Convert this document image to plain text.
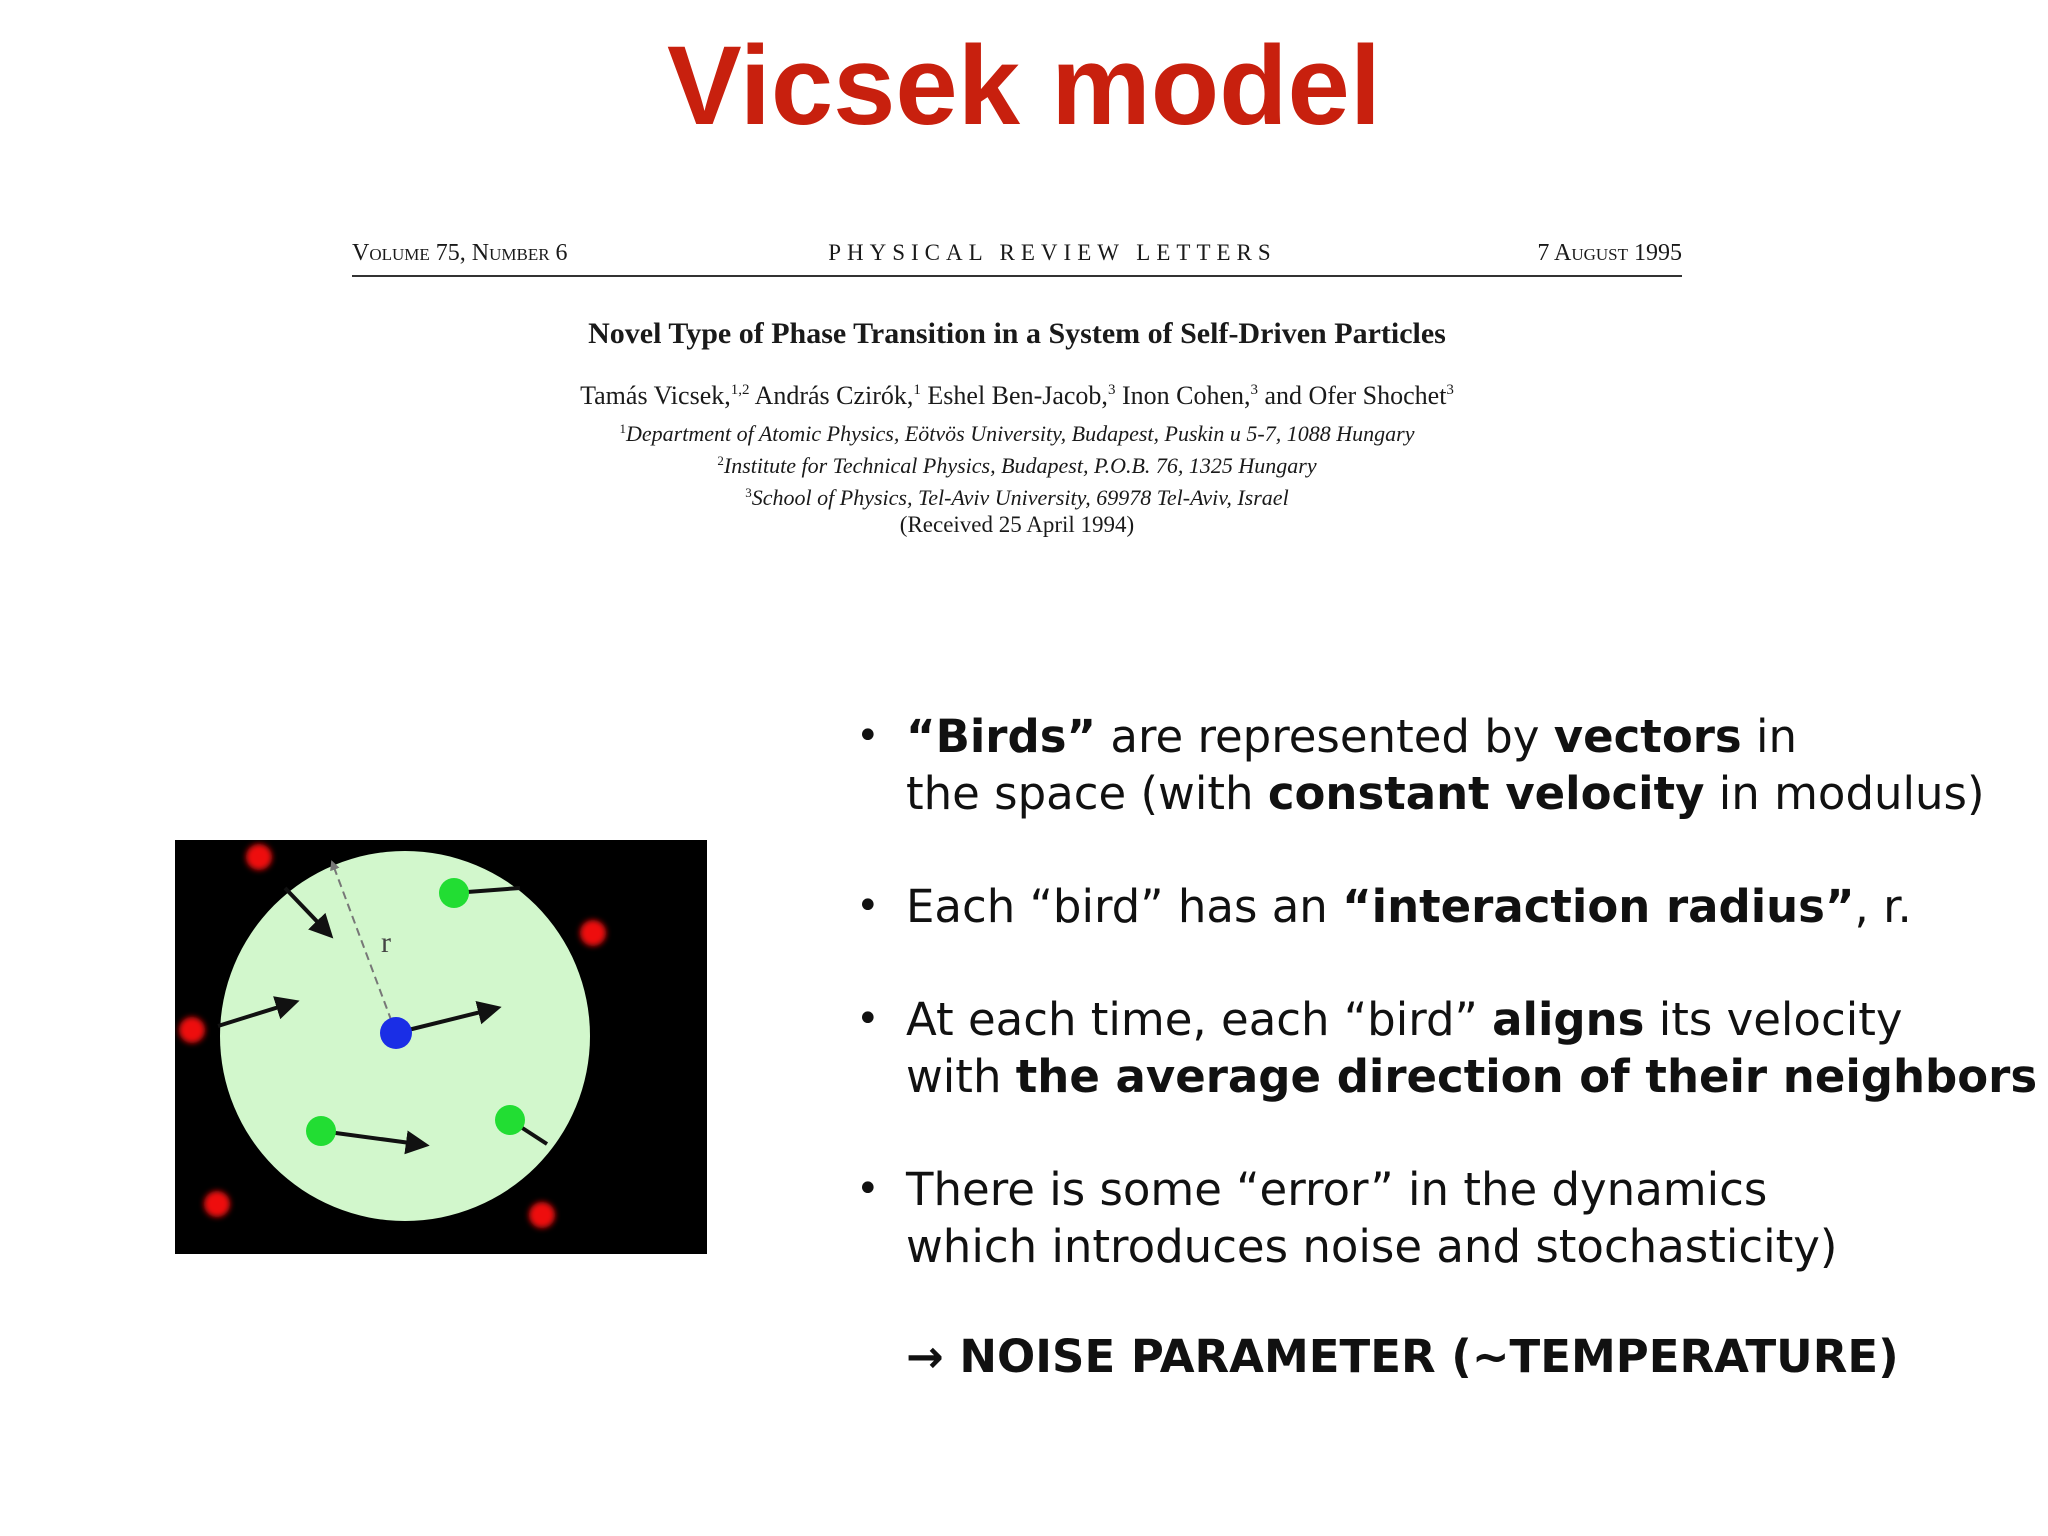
Vicsek model
Volume 75, Number 6	PHYSICAL REVIEW LETTERS	7 August 1995
Novel Type of Phase Transition in a System of Self-Driven Particles
Tamás Vicsek,$^{1,2}$ András Czirók,$^1$ Eshel Ben-Jacob,$^3$ Inon Cohen,$^3$ and Ofer Shochet$^3$
$^1$Department of Atomic Physics, Eötvös University, Budapest, Puskin u 5-7, 1088 Hungary
$^2$Institute for Technical Physics, Budapest, P.O.B. 76, 1325 Hungary
$^3$School of Physics, Tel-Aviv University, 69978 Tel-Aviv, Israel
(Received 25 April 1994)
r
• “Birds” are represented by vectors in
the space (with constant velocity in modulus)
• Each “bird” has an “interaction radius”, r.
• At each time, each “bird” aligns its velocity
with the average direction of their neighbors
• There is some “error” in the dynamics
which introduces noise and stochasticity)
→ NOISE PARAMETER (~TEMPERATURE)
